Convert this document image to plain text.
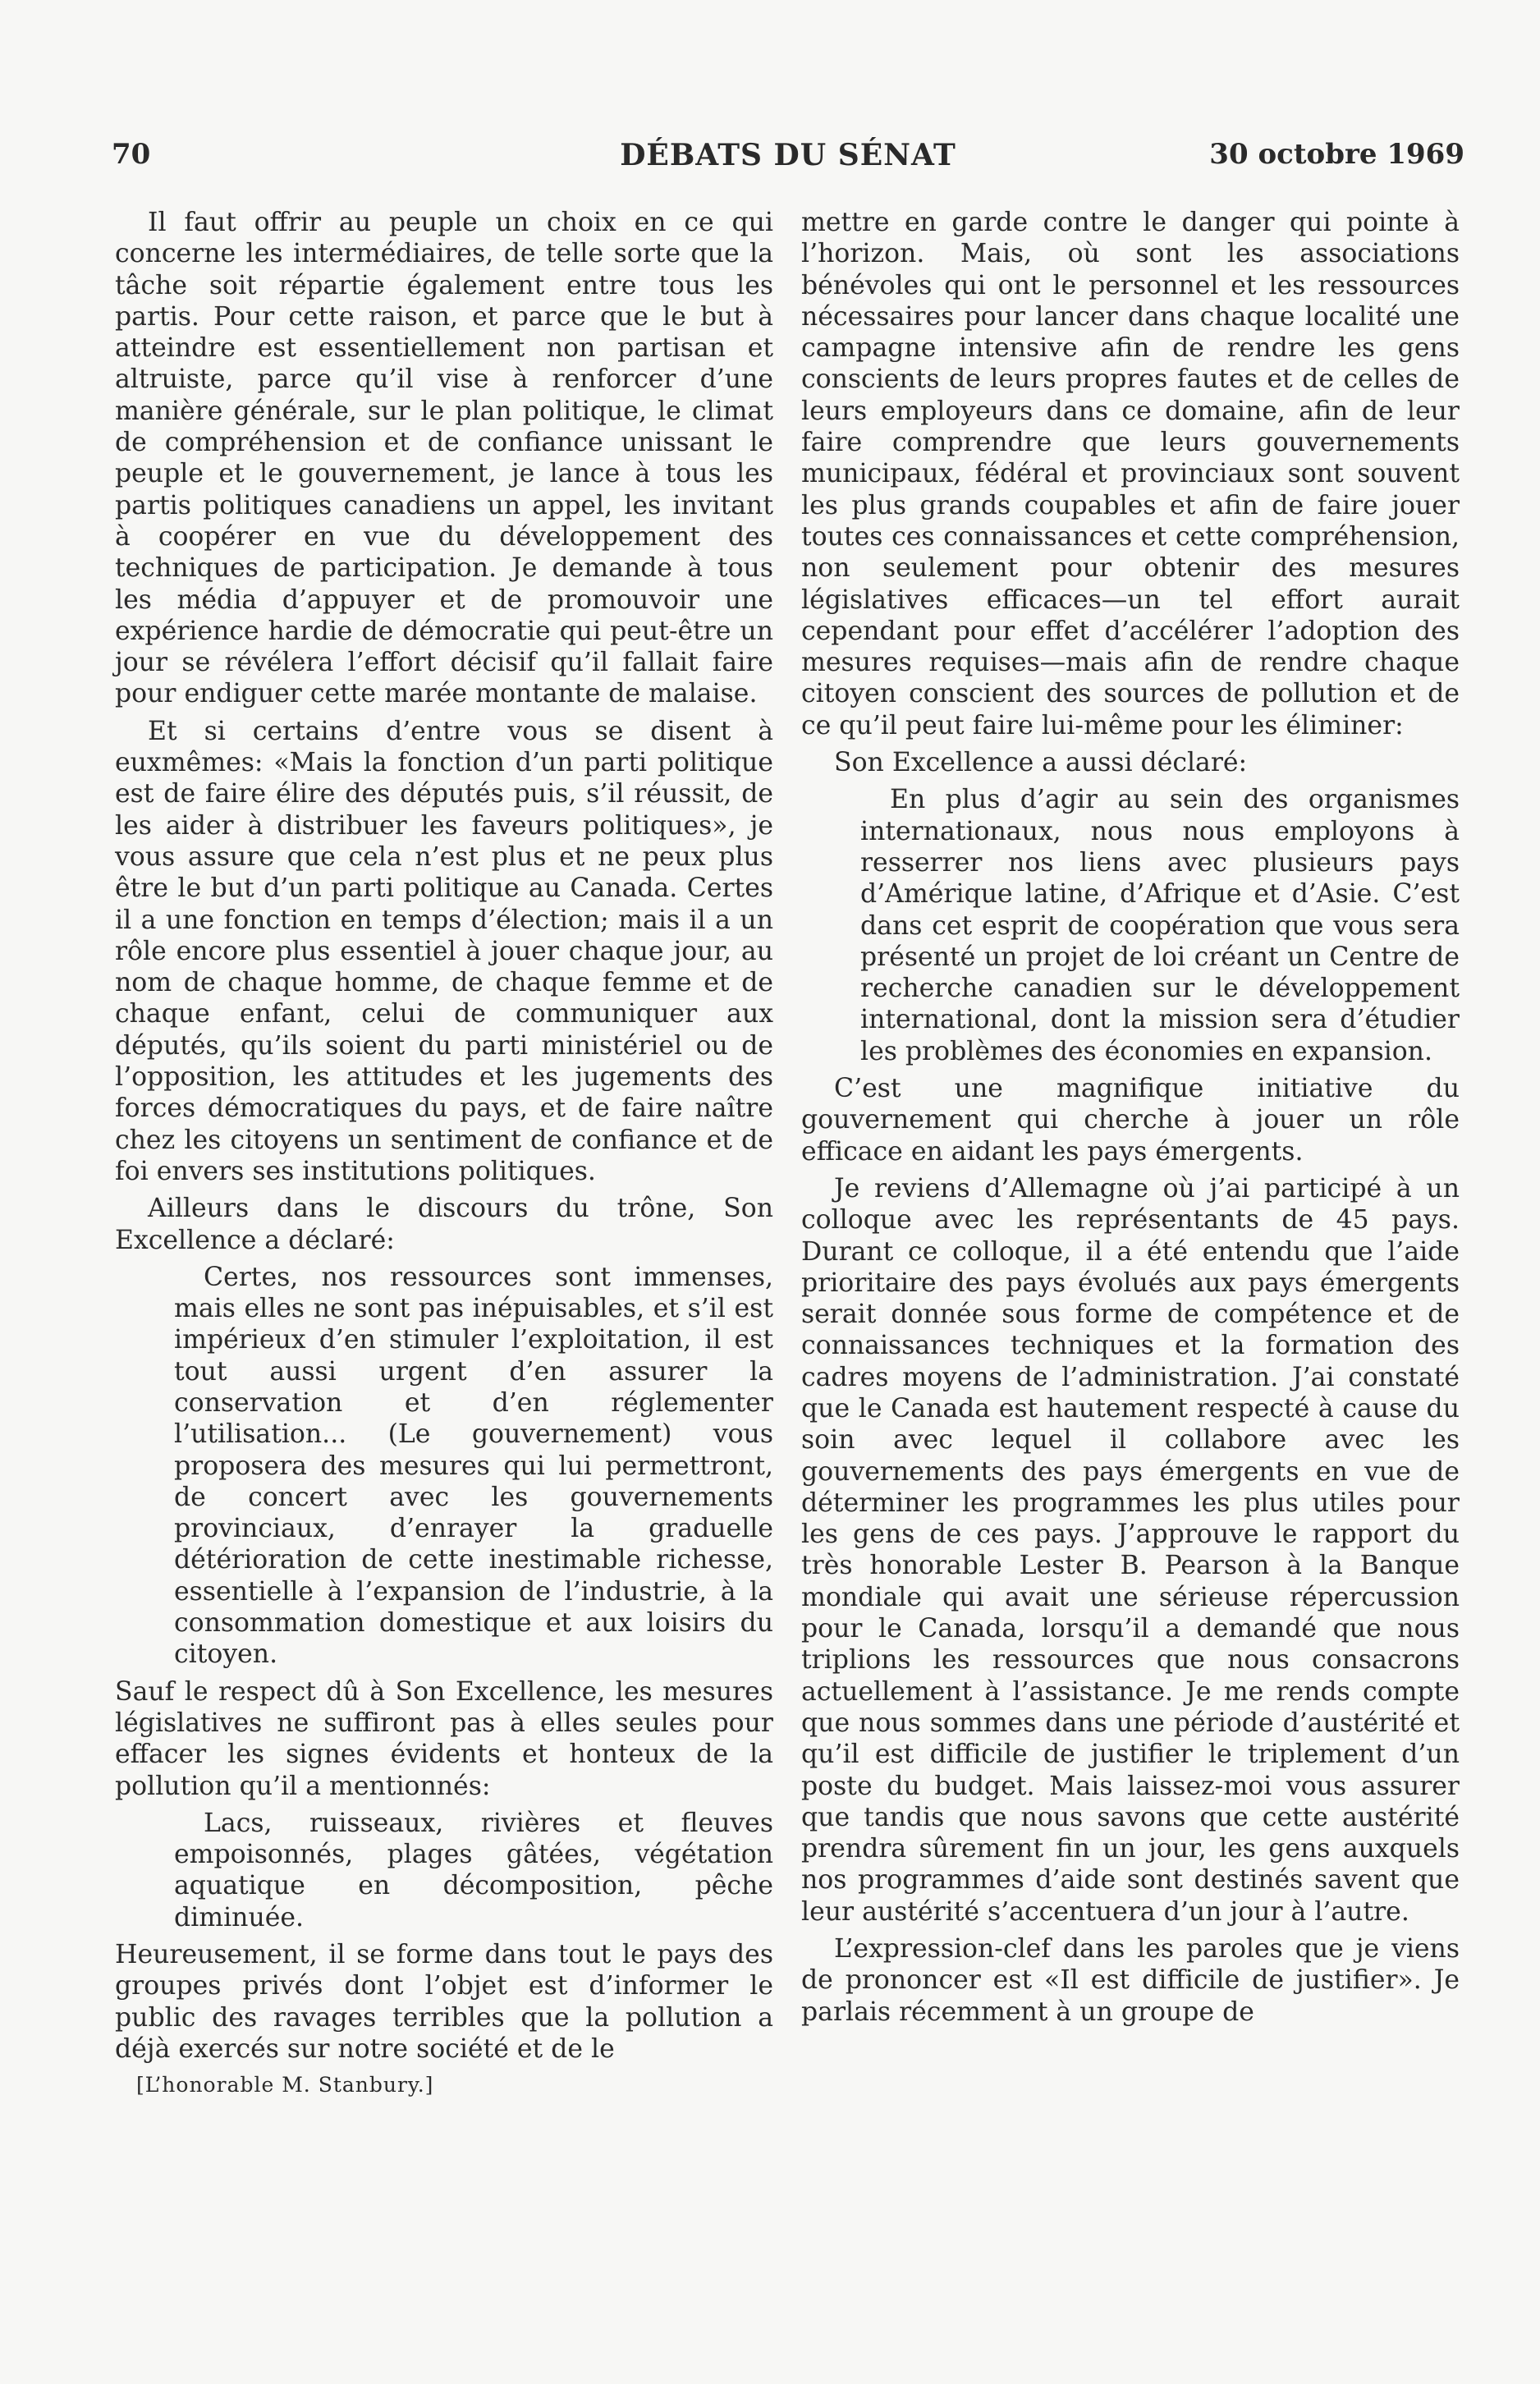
70	DÉBATS DU SÉNAT	30 octobre 1969

Il faut offrir au peuple un choix en ce qui concerne les intermédiaires, de telle sorte que la tâche soit répartie également entre tous les partis. Pour cette raison, et parce que le but à atteindre est essentiellement non partisan et altruiste, parce qu’il vise à renforcer d’une manière générale, sur le plan politique, le climat de compréhension et de confiance unissant le peuple et le gouvernement, je lance à tous les partis politiques canadiens un appel, les invitant à coopérer en vue du développement des techniques de participation. Je demande à tous les média d’appuyer et de promouvoir une expérience hardie de démocratie qui peut-être un jour se révélera l’effort décisif qu’il fallait faire pour endiguer cette marée montante de malaise.

Et si certains d’entre vous se disent à euxmêmes: «Mais la fonction d’un parti politique est de faire élire des députés puis, s’il réussit, de les aider à distribuer les faveurs politiques», je vous assure que cela n’est plus et ne peux plus être le but d’un parti politique au Canada. Certes il a une fonction en temps d’élection; mais il a un rôle encore plus essentiel à jouer chaque jour, au nom de chaque homme, de chaque femme et de chaque enfant, celui de communiquer aux députés, qu’ils soient du parti ministériel ou de l’opposition, les attitudes et les jugements des forces démocratiques du pays, et de faire naître chez les citoyens un sentiment de confiance et de foi envers ses institutions politiques.

Ailleurs dans le discours du trône, Son Excellence a déclaré:

Certes, nos ressources sont immenses, mais elles ne sont pas inépuisables, et s’il est impérieux d’en stimuler l’exploitation, il est tout aussi urgent d’en assurer la conservation et d’en réglementer l’utilisation... (Le gouvernement) vous proposera des mesures qui lui permettront, de concert avec les gouvernements provinciaux, d’enrayer la graduelle détérioration de cette inestimable richesse, essentielle à l’expansion de l’industrie, à la consommation domestique et aux loisirs du citoyen.

Sauf le respect dû à Son Excellence, les mesures législatives ne suffiront pas à elles seules pour effacer les signes évidents et honteux de la pollution qu’il a mentionnés:

Lacs, ruisseaux, rivières et fleuves empoisonnés, plages gâtées, végétation aquatique en décomposition, pêche diminuée.

Heureusement, il se forme dans tout le pays des groupes privés dont l’objet est d’informer le public des ravages terribles que la pollution a déjà exercés sur notre société et de le

[L’honorable M. Stanbury.]

mettre en garde contre le danger qui pointe à l’horizon. Mais, où sont les associations bénévoles qui ont le personnel et les ressources nécessaires pour lancer dans chaque localité une campagne intensive afin de rendre les gens conscients de leurs propres fautes et de celles de leurs employeurs dans ce domaine, afin de leur faire comprendre que leurs gouvernements municipaux, fédéral et provinciaux sont souvent les plus grands coupables et afin de faire jouer toutes ces connaissances et cette compréhension, non seulement pour obtenir des mesures législatives efficaces—un tel effort aurait cependant pour effet d’accélérer l’adoption des mesures requises—mais afin de rendre chaque citoyen conscient des sources de pollution et de ce qu’il peut faire lui-même pour les éliminer:

Son Excellence a aussi déclaré:

En plus d’agir au sein des organismes internationaux, nous nous employons à resserrer nos liens avec plusieurs pays d’Amérique latine, d’Afrique et d’Asie. C’est dans cet esprit de coopération que vous sera présenté un projet de loi créant un Centre de recherche canadien sur le développement international, dont la mission sera d’étudier les problèmes des économies en expansion.

C’est une magnifique initiative du gouvernement qui cherche à jouer un rôle efficace en aidant les pays émergents.

Je reviens d’Allemagne où j’ai participé à un colloque avec les représentants de 45 pays. Durant ce colloque, il a été entendu que l’aide prioritaire des pays évolués aux pays émergents serait donnée sous forme de compétence et de connaissances techniques et la formation des cadres moyens de l’administration. J’ai constaté que le Canada est hautement respecté à cause du soin avec lequel il collabore avec les gouvernements des pays émergents en vue de déterminer les programmes les plus utiles pour les gens de ces pays. J’approuve le rapport du très honorable Lester B. Pearson à la Banque mondiale qui avait une sérieuse répercussion pour le Canada, lorsqu’il a demandé que nous triplions les ressources que nous consacrons actuellement à l’assistance. Je me rends compte que nous sommes dans une période d’austérité et qu’il est difficile de justifier le triplement d’un poste du budget. Mais laissez-moi vous assurer que tandis que nous savons que cette austérité prendra sûrement fin un jour, les gens auxquels nos programmes d’aide sont destinés savent que leur austérité s’accentuera d’un jour à l’autre.

L’expression-clef dans les paroles que je viens de prononcer est «Il est difficile de justifier». Je parlais récemment à un groupe de
